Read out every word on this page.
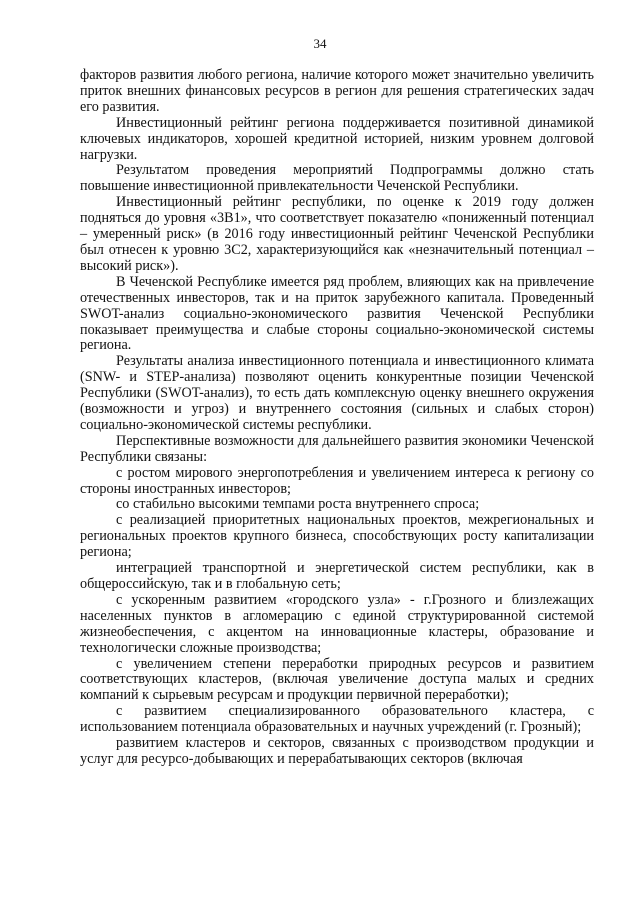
34

факторов развития любого региона, наличие которого может значительно увеличить приток внешних финансовых ресурсов в регион для решения стратегических задач его развития.

Инвестиционный рейтинг региона поддерживается позитивной динамикой ключевых индикаторов, хорошей кредитной историей, низким уровнем долговой нагрузки.

Результатом проведения мероприятий Подпрограммы должно стать повышение инвестиционной привлекательности Чеченской Республики.

Инвестиционный рейтинг республики, по оценке к 2019 году должен подняться до уровня «3В1», что соответствует показателю «пониженный потенциал – умеренный риск» (в 2016 году инвестиционный рейтинг Чеченской Республики был отнесен к уровню 3С2, характеризующийся как «незначительный потенциал – высокий риск»).

В Чеченской Республике имеется ряд проблем, влияющих как на привлечение отечественных инвесторов, так и на приток зарубежного капитала. Проведенный SWOT-анализ социально-экономического развития Чеченской Республики показывает преимущества и слабые стороны социально-экономической системы региона.

Результаты анализа инвестиционного потенциала и инвестиционного климата (SNW- и STEP-анализа) позволяют оценить конкурентные позиции Чеченской Республики (SWOT-анализ), то есть дать комплексную оценку внешнего окружения (возможности и угроз) и внутреннего состояния (сильных и слабых сторон) социально-экономической системы республики.

Перспективные возможности для дальнейшего развития экономики Чеченской Республики связаны:

с ростом мирового энергопотребления и увеличением интереса к региону со стороны иностранных инвесторов;

со стабильно высокими темпами роста внутреннего спроса;

с реализацией приоритетных национальных проектов, межрегиональных и региональных проектов крупного бизнеса, способствующих росту капитализации региона;

интеграцией транспортной и энергетической систем республики, как в общероссийскую, так и в глобальную сеть;

с ускоренным развитием «городского узла» - г.Грозного и близлежащих населенных пунктов в агломерацию с единой структурированной системой жизнеобеспечения, с акцентом на инновационные кластеры, образование и технологически сложные производства;

с увеличением степени переработки природных ресурсов и развитием соответствующих кластеров, (включая увеличение доступа малых и средних компаний к сырьевым ресурсам и продукции первичной переработки);

с развитием специализированного образовательного кластера, с использованием потенциала образовательных и научных учреждений (г. Грозный);

развитием кластеров и секторов, связанных с производством продукции и услуг для ресурсо-добывающих и перерабатывающих секторов (включая
